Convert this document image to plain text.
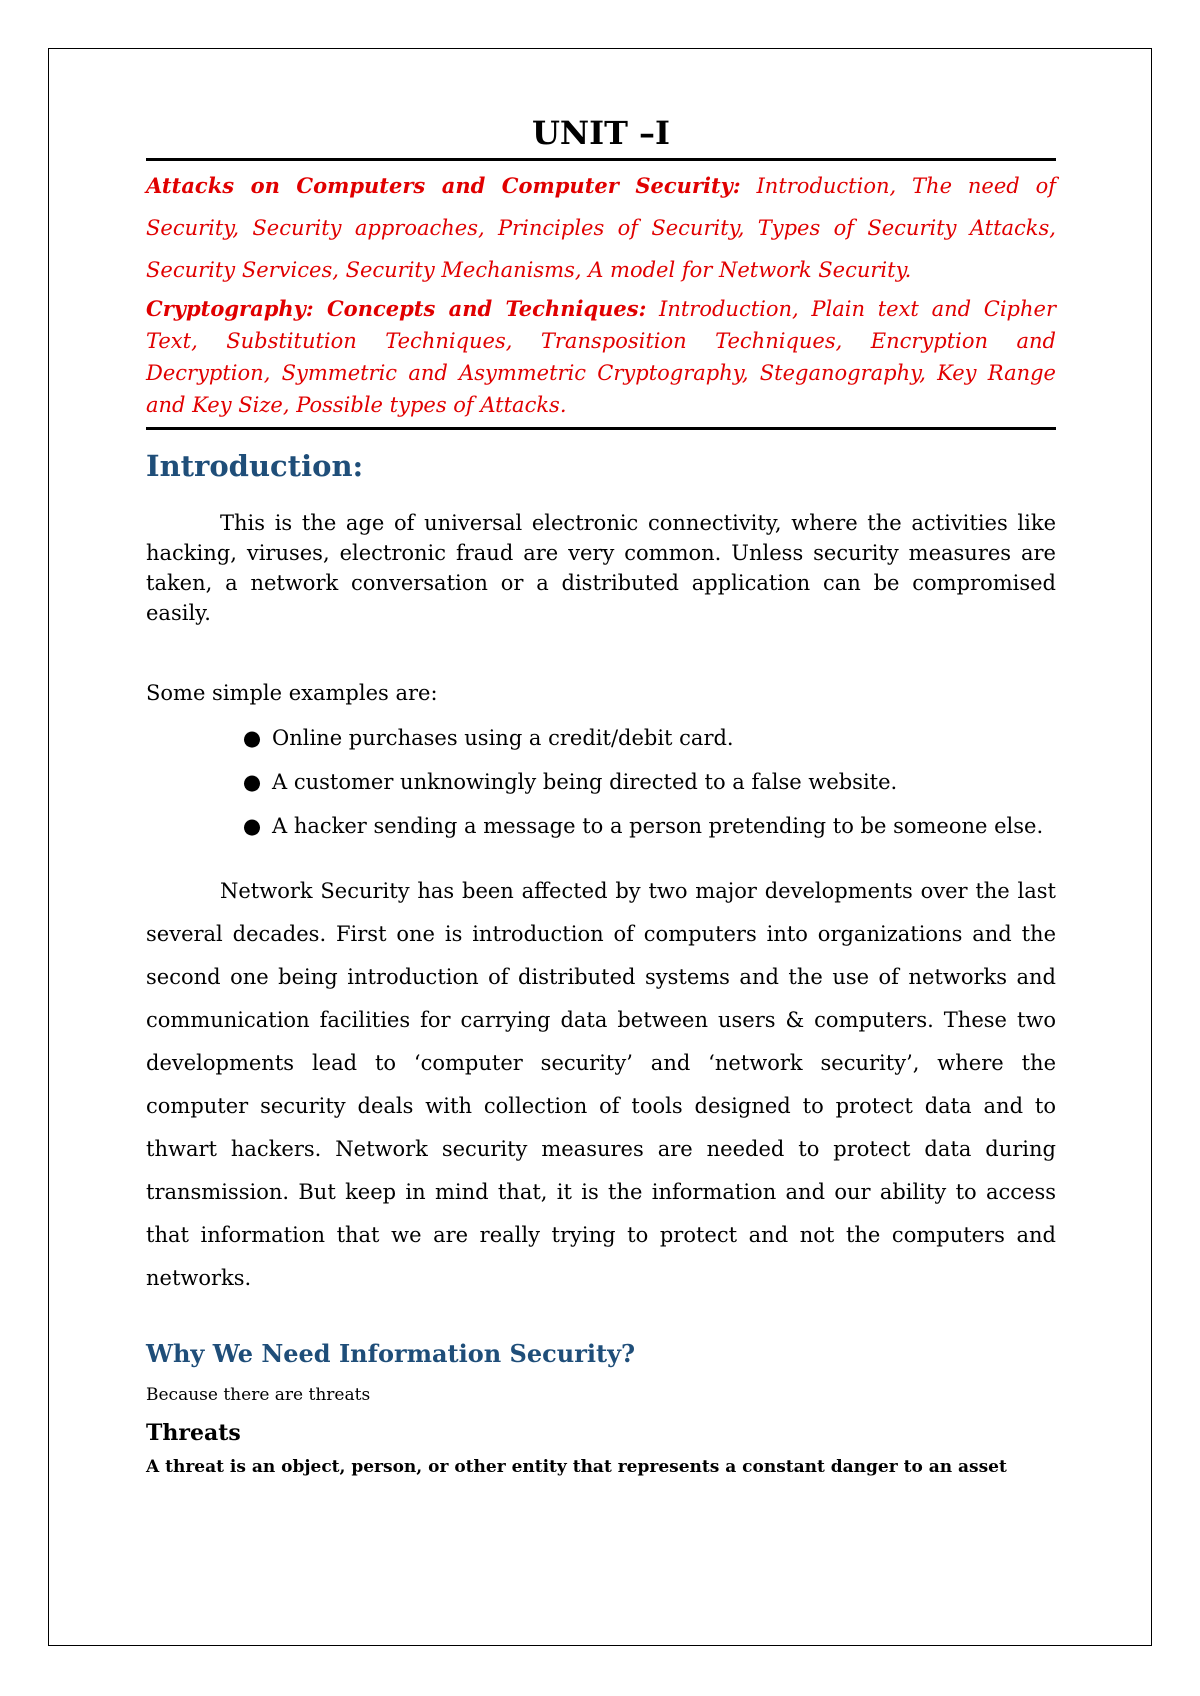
UNIT –I

Attacks on Computers and Computer Security: Introduction, The need of Security, Security approaches, Principles of Security, Types of Security Attacks, Security Services, Security Mechanisms, A model for Network Security.

Cryptography: Concepts and Techniques: Introduction, Plain text and Cipher Text, Substitution Techniques, Transposition Techniques, Encryption and Decryption, Symmetric and Asymmetric Cryptography, Steganography, Key Range and Key Size, Possible types of Attacks.

Introduction:

This is the age of universal electronic connectivity, where the activities like hacking, viruses, electronic fraud are very common. Unless security measures are taken, a network conversation or a distributed application can be compromised easily.

Some simple examples are:

● Online purchases using a credit/debit card.
● A customer unknowingly being directed to a false website.
● A hacker sending a message to a person pretending to be someone else.

Network Security has been affected by two major developments over the last several decades. First one is introduction of computers into organizations and the second one being introduction of distributed systems and the use of networks and communication facilities for carrying data between users & computers. These two developments lead to ‘computer security’ and ‘network security’, where the computer security deals with collection of tools designed to protect data and to thwart hackers. Network security measures are needed to protect data during transmission. But keep in mind that, it is the information and our ability to access that information that we are really trying to protect and not the computers and networks.

Why We Need Information Security?

Because there are threats

Threats

A threat is an object, person, or other entity that represents a constant danger to an asset
